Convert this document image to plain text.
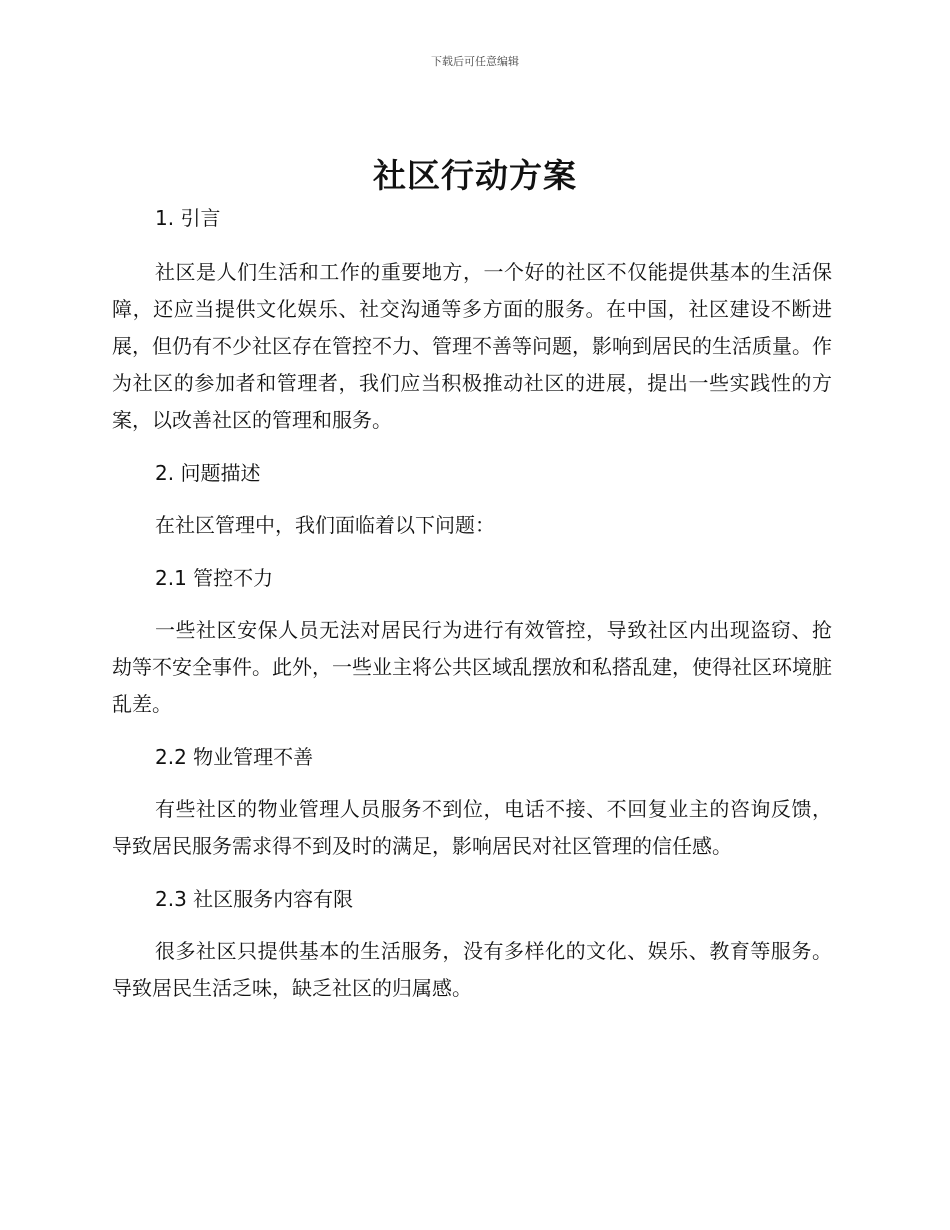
下载后可任意编辑
社区行动方案
1. 引言

社区是人们生活和工作的重要地方，一个好的社区不仅能提供基本的生活保障，还应当提供文化娱乐、社交沟通等多方面的服务。在中国，社区建设不断进展，但仍有不少社区存在管控不力、管理不善等问题，影响到居民的生活质量。作为社区的参加者和管理者，我们应当积极推动社区的进展，提出一些实践性的方案，以改善社区的管理和服务。

2. 问题描述

在社区管理中，我们面临着以下问题：

2.1 管控不力

一些社区安保人员无法对居民行为进行有效管控，导致社区内出现盗窃、抢劫等不安全事件。此外，一些业主将公共区域乱摆放和私搭乱建，使得社区环境脏乱差。

2.2 物业管理不善

有些社区的物业管理人员服务不到位，电话不接、不回复业主的咨询反馈，导致居民服务需求得不到及时的满足，影响居民对社区管理的信任感。

2.3 社区服务内容有限

很多社区只提供基本的生活服务，没有多样化的文化、娱乐、教育等服务。导致居民生活乏味，缺乏社区的归属感。
